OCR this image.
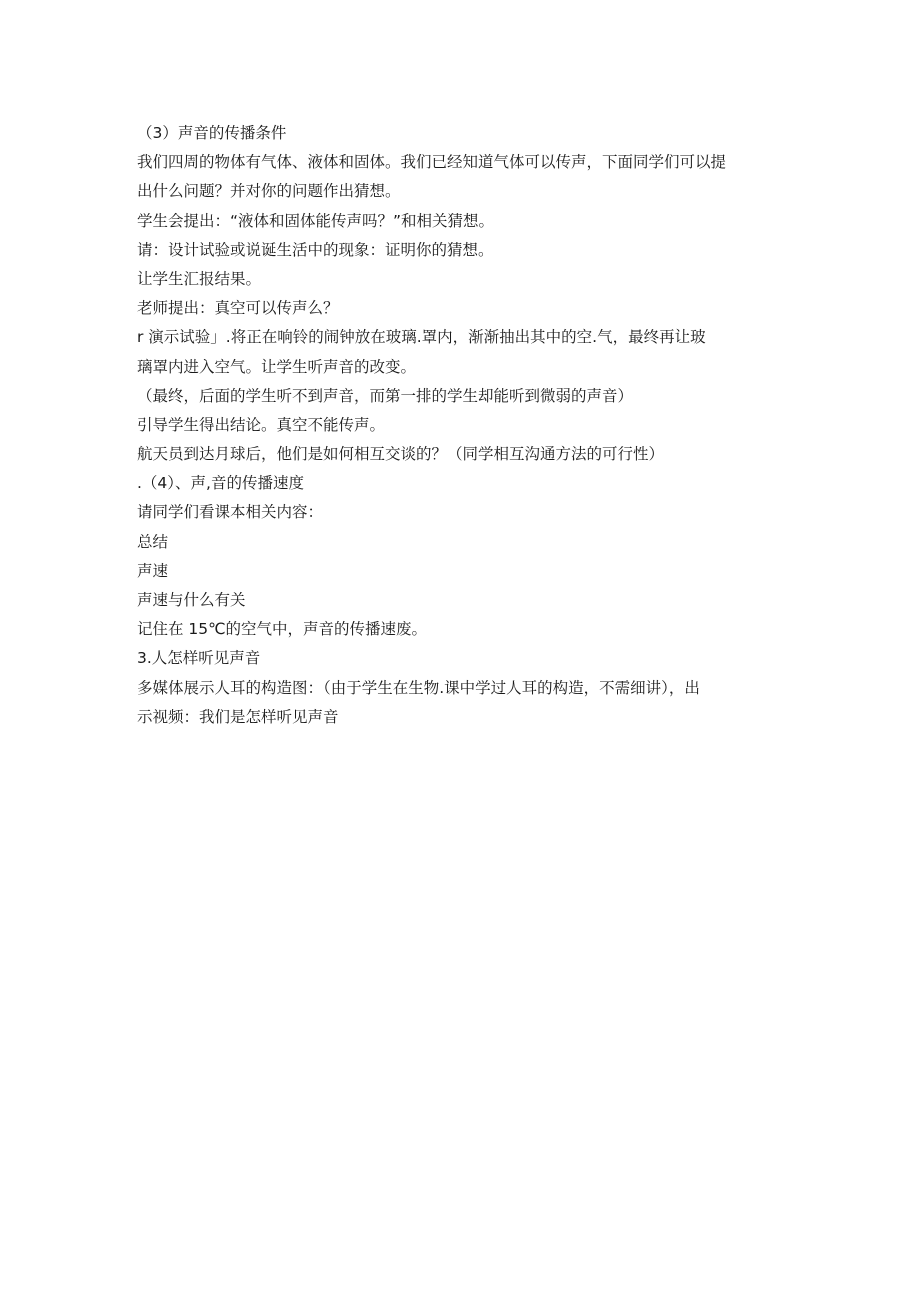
（3）声音的传播条件
我们四周的物体有气体、液体和固体。我们已经知道气体可以传声，下面同学们可以提
出什么问题？并对你的问题作出猜想。
学生会提出：“液体和固体能传声吗？”和相关猜想。
请：设计试验或说诞生活中的现象：证明你的猜想。
让学生汇报结果。
老师提出：真空可以传声么？
r 演示试验」.将正在响铃的闹钟放在玻璃.罩内，渐渐抽出其中的空.气，最终再让玻
璃罩内进入空气。让学生听声音的改变。
（最终，后面的学生听不到声音，而第一排的学生却能听到微弱的声音）
引导学生得出结论。真空不能传声。
航天员到达月球后，他们是如何相互交谈的？（同学相互沟通方法的可行性）
.（4）、声,音的传播速度
请同学们看课本相关内容：
总结
声速
声速与什么有关
记住在 15℃的空气中，声音的传播速废。
3.人怎样听见声音
多媒体展示人耳的构造图：（由于学生在生物.课中学过人耳的构造，不需细讲），出
示视频：我们是怎样听见声音
